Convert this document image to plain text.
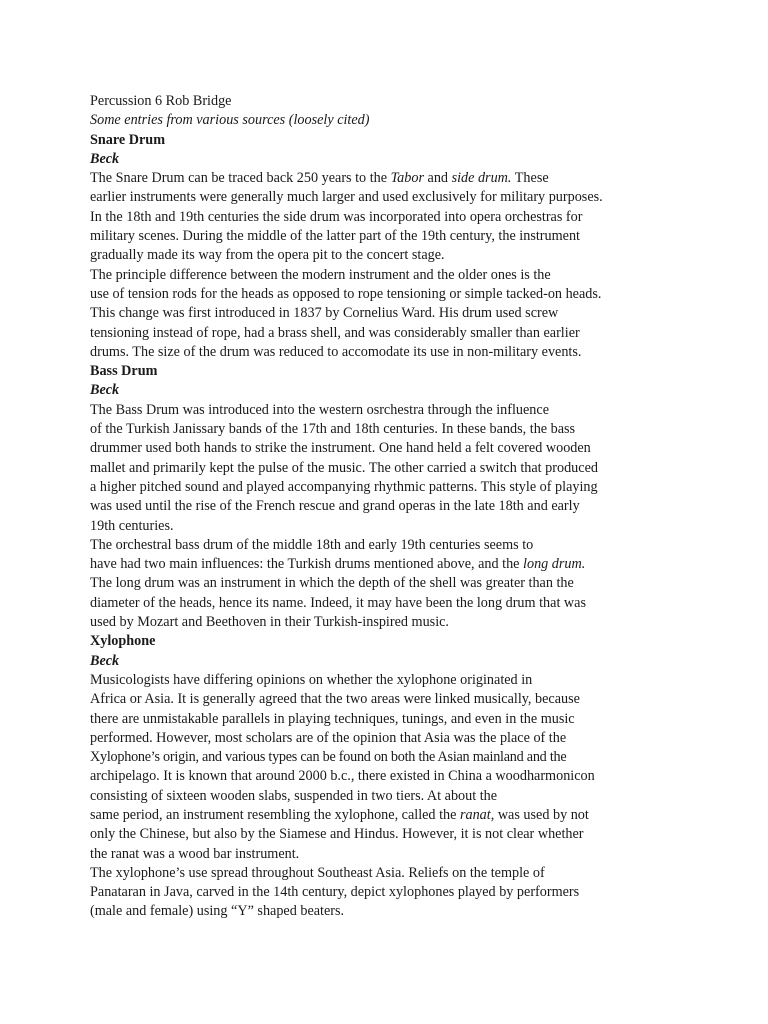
Percussion 6 Rob Bridge
Some entries from various sources (loosely cited)
Snare Drum
Beck
The Snare Drum can be traced back 250 years to the Tabor and side drum. These
earlier instruments were generally much larger and used exclusively for military purposes.
In the 18th and 19th centuries the side drum was incorporated into opera orchestras for
military scenes. During the middle of the latter part of the 19th century, the instrument
gradually made its way from the opera pit to the concert stage.
The principle difference between the modern instrument and the older ones is the
use of tension rods for the heads as opposed to rope tensioning or simple tacked-on heads.
This change was first introduced in 1837 by Cornelius Ward. His drum used screw
tensioning instead of rope, had a brass shell, and was considerably smaller than earlier
drums. The size of the drum was reduced to accomodate its use in non-military events.
Bass Drum
Beck
The Bass Drum was introduced into the western osrchestra through the influence
of the Turkish Janissary bands of the 17th and 18th centuries. In these bands, the bass
drummer used both hands to strike the instrument. One hand held a felt covered wooden
mallet and primarily kept the pulse of the music. The other carried a switch that produced
a higher pitched sound and played accompanying rhythmic patterns. This style of playing
was used until the rise of the French rescue and grand operas in the late 18th and early
19th centuries.
The orchestral bass drum of the middle 18th and early 19th centuries seems to
have had two main influences: the Turkish drums mentioned above, and the long drum.
The long drum was an instrument in which the depth of the shell was greater than the
diameter of the heads, hence its name. Indeed, it may have been the long drum that was
used by Mozart and Beethoven in their Turkish-inspired music.
Xylophone
Beck
Musicologists have differing opinions on whether the xylophone originated in
Africa or Asia. It is generally agreed that the two areas were linked musically, because
there are unmistakable parallels in playing techniques, tunings, and even in the music
performed. However, most scholars are of the opinion that Asia was the place of the
Xylophone’s origin, and various types can be found on both the Asian mainland and the
archipelago. It is known that around 2000 b.c., there existed in China a woodharmonicon
consisting of sixteen wooden slabs, suspended in two tiers. At about the
same period, an instrument resembling the xylophone, called the ranat, was used by not
only the Chinese, but also by the Siamese and Hindus. However, it is not clear whether
the ranat was a wood bar instrument.
The xylophone’s use spread throughout Southeast Asia. Reliefs on the temple of
Panataran in Java, carved in the 14th century, depict xylophones played by performers
(male and female) using “Y” shaped beaters.
